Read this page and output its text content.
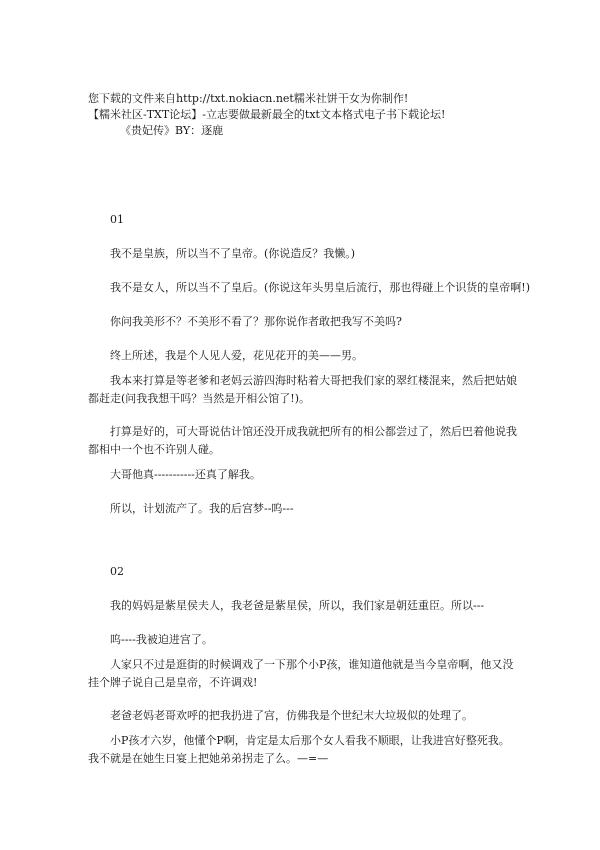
您下载的文件来自http://txt.nokiacn.net糯米社饼干女为你制作!

【糯米社区-TXT论坛】-立志要做最新最全的txt文本格式电子书下载论坛!

《贵妃传》BY：逐鹿

01
我不是皇族，所以当不了皇帝。(你说造反？我懒。)
我不是女人，所以当不了皇后。(你说这年头男皇后流行，那也得碰上个识货的皇帝啊!)
你问我美形不？不美形不看了？那你说作者敢把我写不美吗?
终上所述，我是个人见人爱，花见花开的美——男。

我本来打算是等老爹和老妈云游四海时粘着大哥把我们家的翠红楼混来，然后把姑娘都赶走(问我我想干吗？当然是开相公馆了!)。

打算是好的，可大哥说估计馆还没开成我就把所有的相公都尝过了，然后巴着他说我都相中一个也不许别人碰。

大哥他真-----------还真了解我。
所以，计划流产了。我的后宫梦--呜---
02
我的妈妈是紫星侯夫人，我老爸是紫星侯，所以，我们家是朝廷重臣。所以---
呜----我被迫进宫了。

人家只不过是逛街的时候调戏了一下那个小P孩，谁知道他就是当今皇帝啊，他又没挂个牌子说自己是皇帝，不许调戏!

老爸老妈老哥欢呼的把我扔进了宫，仿佛我是个世纪末大垃圾似的处理了。

小P孩才六岁，他懂个P啊，肯定是太后那个女人看我不顺眼，让我进宫好整死我。我不就是在她生日宴上把她弟弟拐走了么。—=—
